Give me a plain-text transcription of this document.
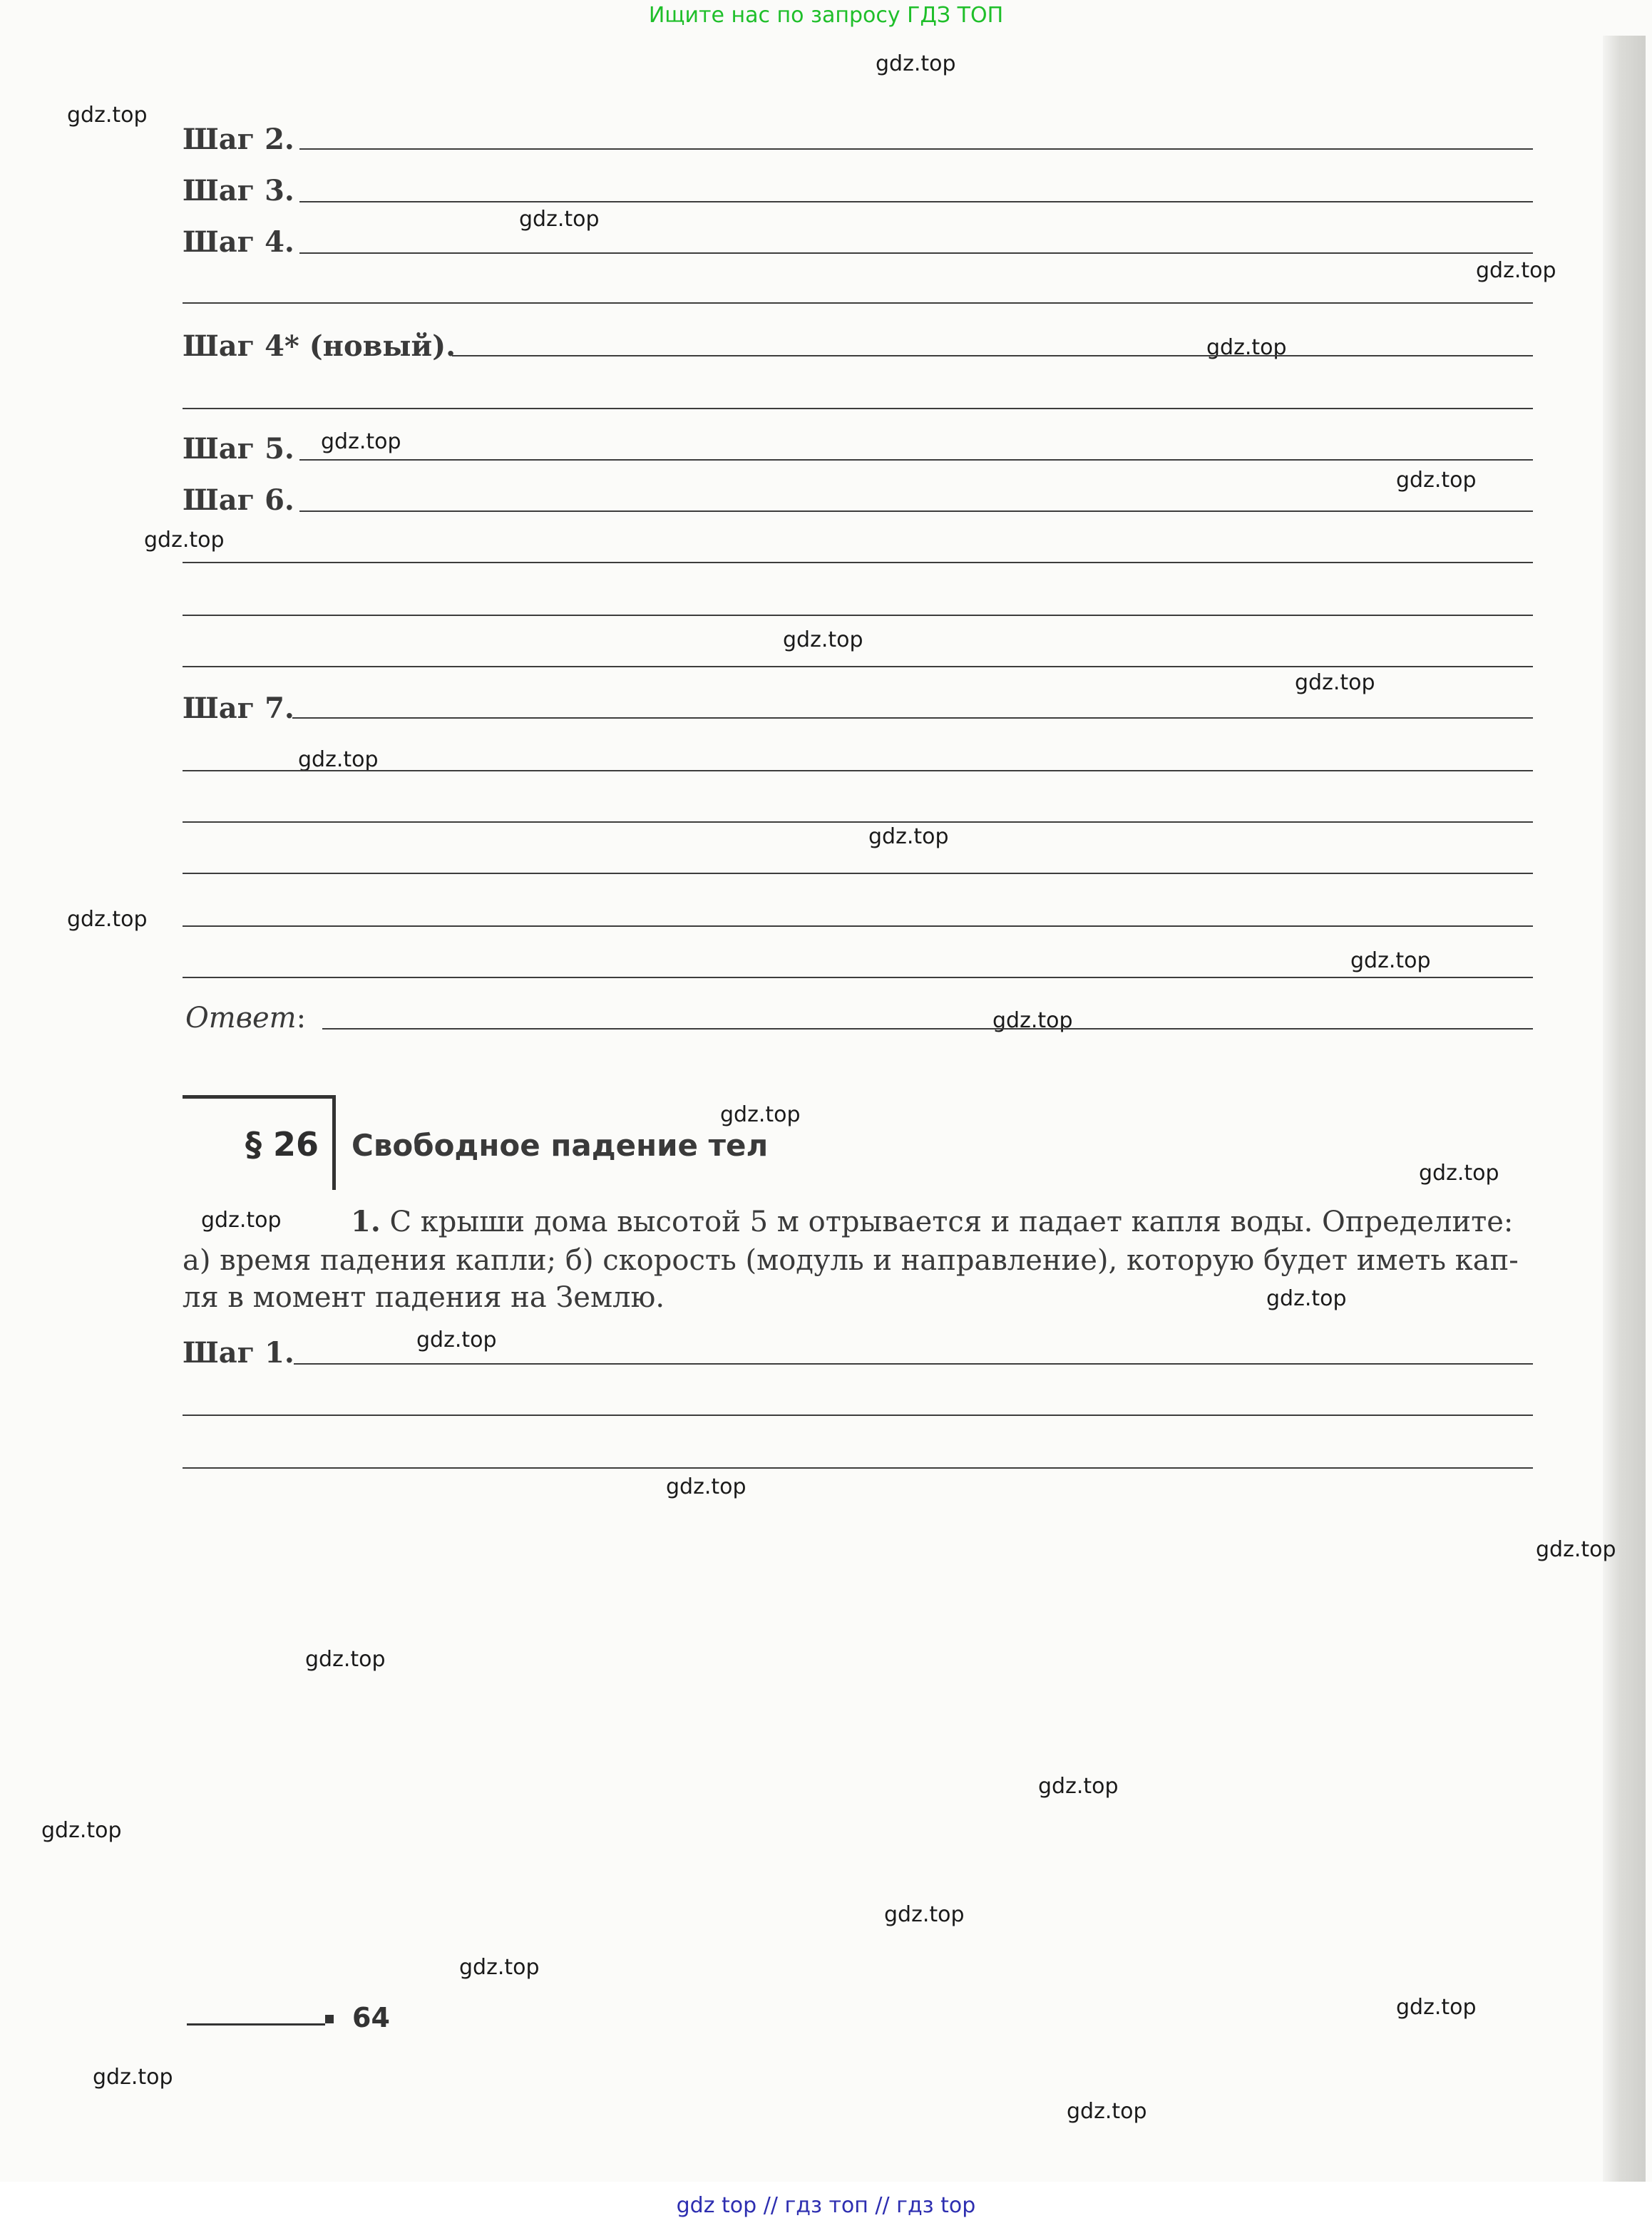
Ищите нас по запросу ГДЗ ТОП
gdz.top
gdz.top
gdz.top
gdz.top
gdz.top
gdz.top
gdz.top
gdz.top
gdz.top
gdz.top
gdz.top
gdz.top
gdz.top
gdz.top
gdz.top
gdz.top
gdz.top
gdz.top
gdz.top
gdz.top
gdz.top
gdz.top
gdz.top
gdz.top
gdz.top
gdz.top
gdz.top
gdz.top
gdz.top
gdz.top
Шаг 2.
Шаг 3.
Шаг 4.
Шаг 4* (новый).
Шаг 5.
Шаг 6.
Шаг 7.
Ответ:
§ 26 Свободное падение тел
1. С крыши дома высотой 5 м отрывается и падает капля воды. Определите:
а) время падения капли; б) скорость (модуль и направление), которую будет иметь кап-
ля в момент падения на Землю.
Шаг 1.
64
gdz top // гдз топ // гдз top
